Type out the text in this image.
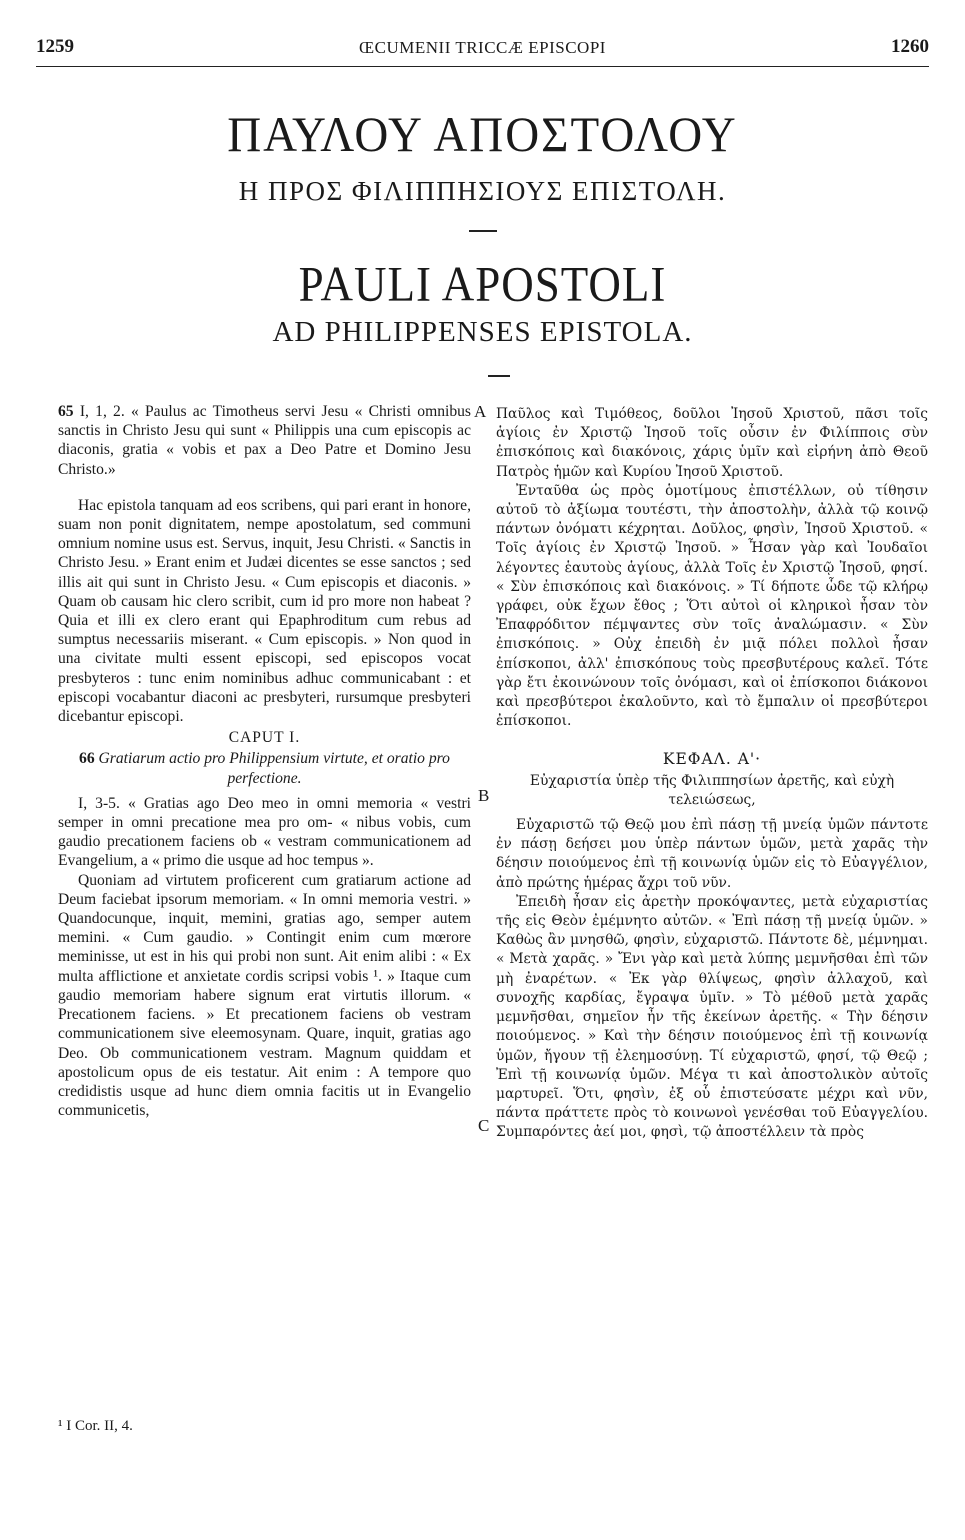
1259	ŒCUMENII TRICCÆ EPISCOPI	1260
ΠΑΥΛΟΥ ΑΠΟΣΤΟΛΟΥ
Η ΠΡΟΣ ΦΙΛΙΠΠΗΣΙΟΥΣ ΕΠΙΣΤΟΛΗ.
PAULI APOSTOLI
AD PHILIPPENSES EPISTOLA.

65 I, 1, 2. « Paulus ac Timotheus servi Jesu « Christi omnibus sanctis in Christo Jesu qui sunt « Philippis una cum episcopis ac diaconis, gratia « vobis et pax a Deo Patre et Domino Jesu Christo.»

Hac epistola tanquam ad eos scribens, qui pari erant in honore, suam non ponit dignitatem, nempe apostolatum, sed communi omnium nomine usus est. Servus, inquit, Jesu Christi. « Sanctis in Christo Jesu. » Erant enim et Judæi dicentes se esse sanctos ; sed illis ait qui sunt in Christo Jesu. « Cum episcopis et diaconis. » Quam ob causam hic clero scribit, cum id pro more non habeat ? Quia et illi ex clero erant qui Epaphroditum cum rebus ad sumptus necessariis miserant. « Cum episcopis. » Non quod in una civitate multi essent episcopi, sed episcopos vocat presbyteros : tunc enim nominibus adhuc communicabant : et episcopi vocabantur diaconi ac presbyteri, rursumque presbyteri dicebantur episcopi.

CAPUT I.

66 Gratiarum actio pro Philippensium virtute, et oratio pro perfectione.

I, 3-5. « Gratias ago Deo meo in omni memoria « vestri semper in omni precatione mea pro om- « nibus vobis, cum gaudio precationem faciens ob « vestram communicationem ad Evangelium, a « primo die usque ad hoc tempus ».

Quoniam ad virtutem proficerent cum gratiarum actione ad Deum faciebat ipsorum memoriam. « In omni memoria vestri. » Quandocunque, inquit, memini, gratias ago, semper autem memini. « Cum gaudio. » Contingit enim cum mœrore meminisse, ut est in his qui probi non sunt. Ait enim alibi : « Ex multa afflictione et anxietate cordis scripsi vobis ¹. » Itaque cum gaudio memoriam habere signum erat virtutis illorum. « Precationem faciens. » Et precationem faciens ob vestram communicationem sive eleemosynam. Quare, inquit, gratias ago Deo. Ob communicationem vestram. Magnum quiddam et apostolicum opus de eis testatur. Ait enim : A tempore quo credidistis usque ad hunc diem omnia facitis ut in Evangelio communicetis,

A
B
C

Παῦλος καὶ Τιμόθεος, δοῦλοι Ἰησοῦ Χριστοῦ, πᾶσι τοῖς ἁγίοις ἐν Χριστῷ Ἰησοῦ τοῖς οὖσιν ἐν Φιλίπποις σὺν ἐπισκόποις καὶ διακόνοις, χάρις ὑμῖν καὶ εἰρήνη ἀπὸ Θεοῦ Πατρὸς ἡμῶν καὶ Κυρίου Ἰησοῦ Χριστοῦ.

Ἐνταῦθα ὡς πρὸς ὁμοτίμους ἐπιστέλλων, οὐ τίθησιν αὐτοῦ τὸ ἀξίωμα τουτέστι, τὴν ἀποστολὴν, ἀλλὰ τῷ κοινῷ πάντων ὀνόματι κέχρηται. Δοῦλος, φησὶν, Ἰησοῦ Χριστοῦ. « Τοῖς ἁγίοις ἐν Χριστῷ Ἰησοῦ. » Ἦσαν γὰρ καὶ Ἰουδαῖοι λέγοντες ἑαυτοὺς ἁγίους, ἀλλὰ Τοῖς ἐν Χριστῷ Ἰησοῦ, φησί. « Σὺν ἐπισκόποις καὶ διακόνοις. » Τί δήποτε ὧδε τῷ κλήρῳ γράφει, οὐκ ἔχων ἔθος ; Ὅτι αὐτοὶ οἱ κληρικοὶ ἦσαν τὸν Ἐπαφρόδιτον πέμψαντες σὺν τοῖς ἀναλώμασιν. « Σὺν ἐπισκόποις. » Οὐχ ἐπειδὴ ἐν μιᾷ πόλει πολλοὶ ἦσαν ἐπίσκοποι, ἀλλ' ἐπισκόπους τοὺς πρεσβυτέρους καλεῖ. Τότε γὰρ ἔτι ἐκοινώνουν τοῖς ὀνόμασι, καὶ οἱ ἐπίσκοποι διάκονοι καὶ πρεσβύτεροι ἐκαλοῦντο, καὶ τὸ ἔμπαλιν οἱ πρεσβύτεροι ἐπίσκοποι.

ΚΕΦΑΛ. Α'·

Εὐχαριστία ὑπὲρ τῆς Φιλιππησίων ἀρετῆς, καὶ εὐχὴ τελειώσεως,

Εὐχαριστῶ τῷ Θεῷ μου ἐπὶ πάσῃ τῇ μνείᾳ ὑμῶν πάντοτε ἐν πάσῃ δεήσει μου ὑπὲρ πάντων ὑμῶν, μετὰ χαρᾶς τὴν δέησιν ποιούμενος ἐπὶ τῇ κοινωνίᾳ ὑμῶν εἰς τὸ Εὐαγγέλιον, ἀπὸ πρώτης ἡμέρας ἄχρι τοῦ νῦν.

Ἐπειδὴ ἦσαν εἰς ἀρετὴν προκόψαντες, μετὰ εὐχαριστίας τῆς εἰς Θεὸν ἐμέμνητο αὐτῶν. « Ἐπὶ πάσῃ τῇ μνείᾳ ὑμῶν. » Καθὼς ἂν μνησθῶ, φησὶν, εὐχαριστῶ. Πάντοτε δὲ, μέμνημαι. « Μετὰ χαρᾶς. » Ἔνι γὰρ καὶ μετὰ λύπης μεμνῆσθαι ἐπὶ τῶν μὴ ἐναρέτων. « Ἐκ γὰρ θλίψεως, φησὶν ἀλλαχοῦ, καὶ συνοχῆς καρδίας, ἔγραψα ὑμῖν. » Τὸ μέθοῦ μετὰ χαρᾶς μεμνῆσθαι, σημεῖον ἦν τῆς ἐκείνων ἀρετῆς. « Τὴν δέησιν ποιούμενος. » Καὶ τὴν δέησιν ποιούμενος ἐπὶ τῇ κοινωνίᾳ ὑμῶν, ἤγουν τῇ ἐλεημοσύνῃ. Τί εὐχαριστῶ, φησί, τῷ Θεῷ ; Ἐπὶ τῇ κοινωνίᾳ ὑμῶν. Μέγα τι καὶ ἀποστολικὸν αὐτοῖς μαρτυρεῖ. Ὅτι, φησὶν, ἐξ οὗ ἐπιστεύσατε μέχρι καὶ νῦν, πάντα πράττετε πρὸς τὸ κοινωνοὶ γενέσθαι τοῦ Εὐαγγελίου. Συμπαρόντες ἀεί μοι, φησὶ, τῷ ἀποστέλλειν τὰ πρὸς

¹ I Cor. II, 4.
